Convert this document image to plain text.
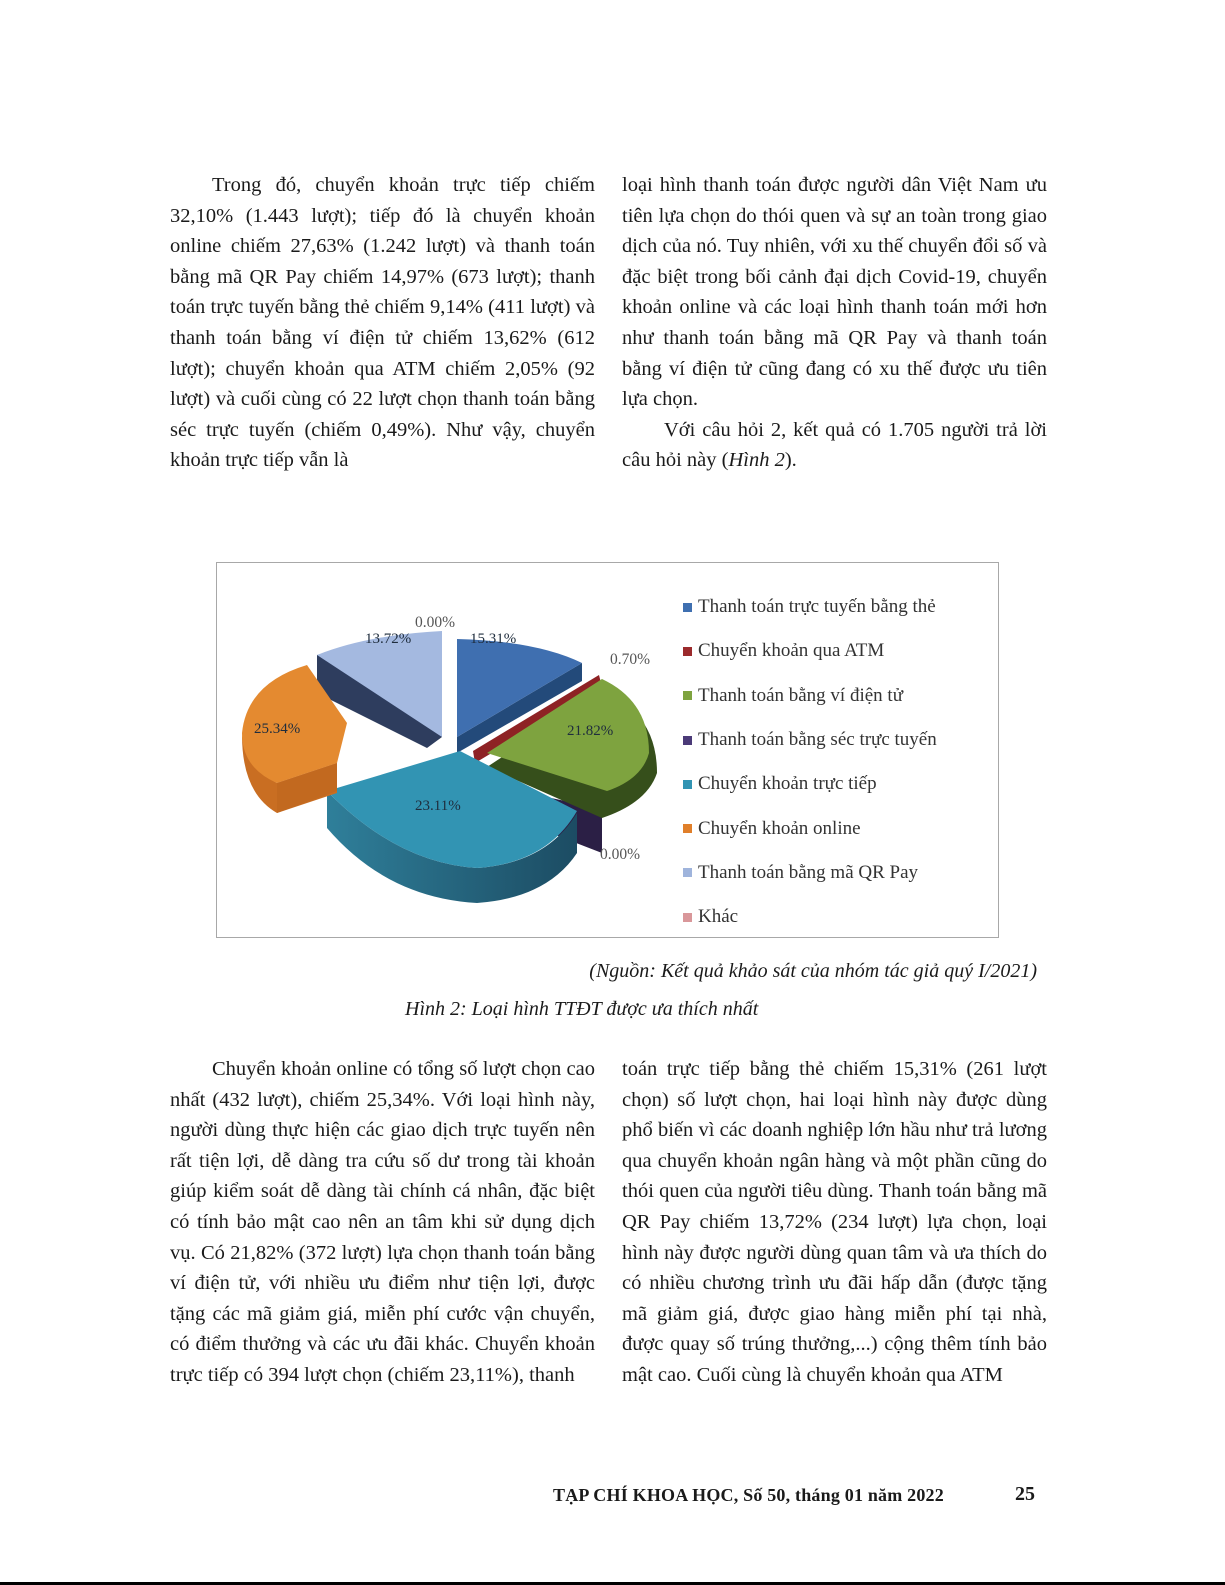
Trong đó, chuyển khoản trực tiếp chiếm 32,10% (1.443 lượt); tiếp đó là chuyển khoản online chiếm 27,63% (1.242 lượt) và thanh toán bằng mã QR Pay chiếm 14,97% (673 lượt); thanh toán trực tuyến bằng thẻ chiếm 9,14% (411 lượt) và thanh toán bằng ví điện tử chiếm 13,62% (612 lượt); chuyển khoản qua ATM chiếm 2,05% (92 lượt) và cuối cùng có 22 lượt chọn thanh toán bằng séc trực tuyến (chiếm 0,49%). Như vậy, chuyển khoản trực tiếp vẫn là

loại hình thanh toán được người dân Việt Nam ưu tiên lựa chọn do thói quen và sự an toàn trong giao dịch của nó. Tuy nhiên, với xu thế chuyển đổi số và đặc biệt trong bối cảnh đại dịch Covid-19, chuyển khoản online và các loại hình thanh toán mới hơn như thanh toán bằng mã QR Pay và thanh toán bằng ví điện tử cũng đang có xu thế được ưu tiên lựa chọn.

Với câu hỏi 2, kết quả có 1.705 người trả lời câu hỏi này (Hình 2).

25.34%
13.72%	15.31%
21.82%
23.11%
0.00%
0.70%
0.00%
Thanh toán trực tuyến bằng thẻ
Chuyển khoản qua ATM
Thanh toán bằng ví điện tử
Thanh toán bằng séc trực tuyến
Chuyển khoản trực tiếp
Chuyển khoản online
Thanh toán bằng mã QR Pay
Khác
(Nguồn: Kết quả khảo sát của nhóm tác giả quý I/2021)
Hình 2: Loại hình TTĐT được ưa thích nhất

Chuyển khoản online có tổng số lượt chọn cao nhất (432 lượt), chiếm 25,34%. Với loại hình này, người dùng thực hiện các giao dịch trực tuyến nên rất tiện lợi, dễ dàng tra cứu số dư trong tài khoản giúp kiểm soát dễ dàng tài chính cá nhân, đặc biệt có tính bảo mật cao nên an tâm khi sử dụng dịch vụ. Có 21,82% (372 lượt) lựa chọn thanh toán bằng ví điện tử, với nhiều ưu điểm như tiện lợi, được tặng các mã giảm giá, miễn phí cước vận chuyển, có điểm thưởng và các ưu đãi khác. Chuyển khoản trực tiếp có 394 lượt chọn (chiếm 23,11%), thanh

toán trực tiếp bằng thẻ chiếm 15,31% (261 lượt chọn) số lượt chọn, hai loại hình này được dùng phổ biến vì các doanh nghiệp lớn hầu như trả lương qua chuyển khoản ngân hàng và một phần cũng do thói quen của người tiêu dùng. Thanh toán bằng mã QR Pay chiếm 13,72% (234 lượt) lựa chọn, loại hình này được người dùng quan tâm và ưa thích do có nhiều chương trình ưu đãi hấp dẫn (được tặng mã giảm giá, được giao hàng miễn phí tại nhà, được quay số trúng thưởng,...) cộng thêm tính bảo mật cao. Cuối cùng là chuyển khoản qua ATM

TẠP CHÍ KHOA HỌC, Số 50, tháng 01 năm 2022	25
